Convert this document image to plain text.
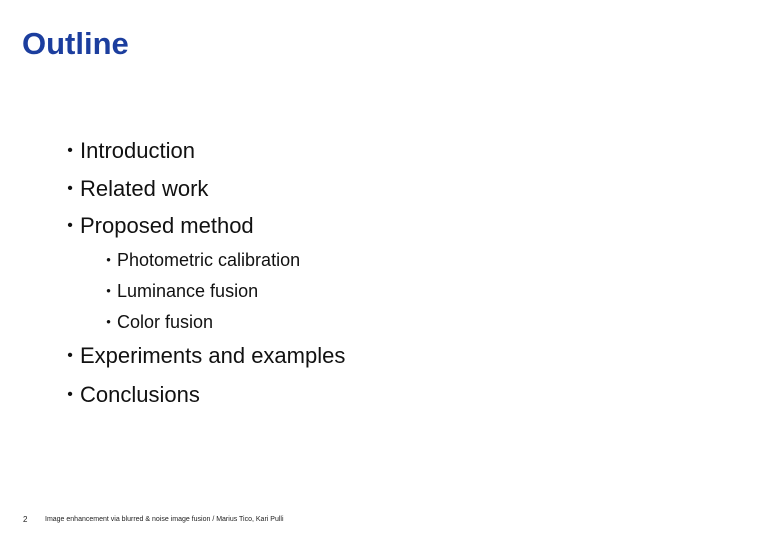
Outline
• Introduction
• Related work
• Proposed method
• Photometric calibration
• Luminance fusion
• Color fusion
• Experiments and examples
• Conclusions
2	Image enhancement via blurred & noise image fusion / Marius Tico, Kari Pulli
